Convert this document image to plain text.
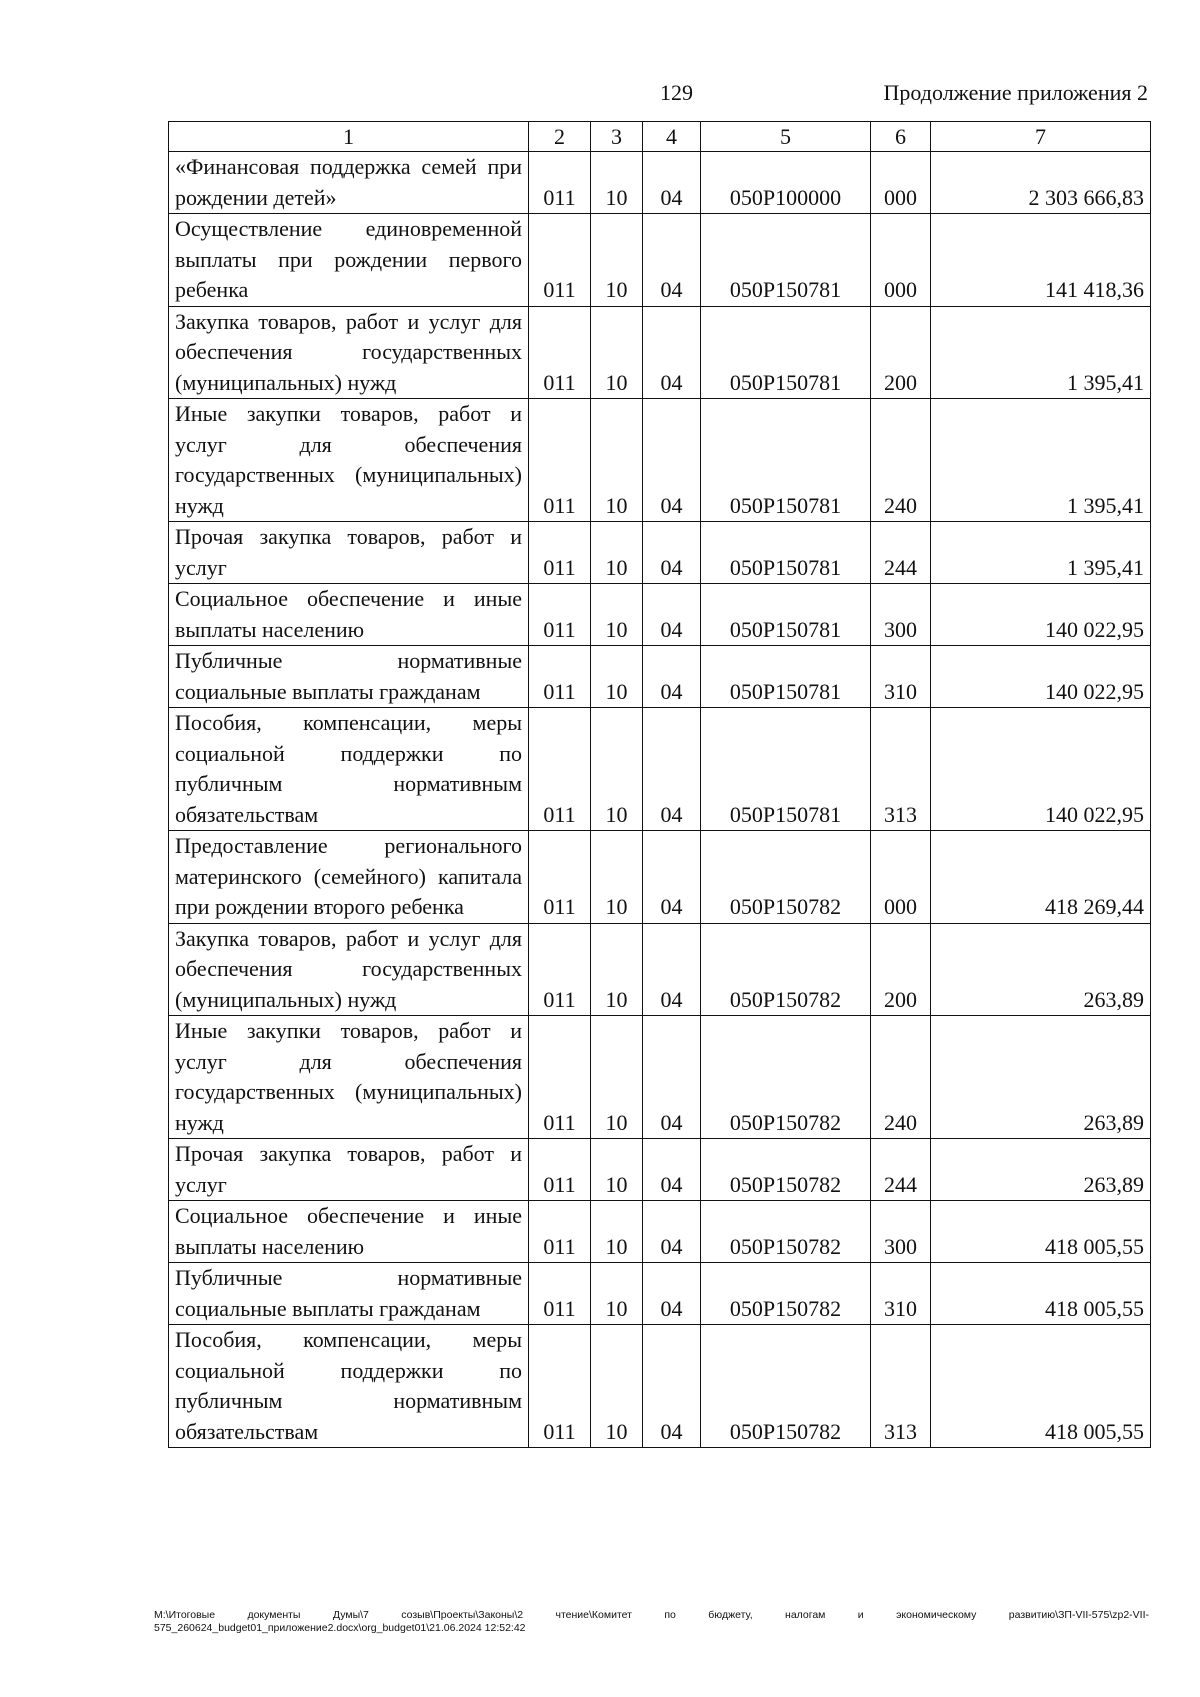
129	Продолжение приложения 2
1	2	3	4	5	6	7
«Финансовая поддержка семей при рождении детей»	011	10	04	050P100000	000	2 303 666,83
Осуществление единовременной выплаты при рождении первого ребенка	011	10	04	050P150781	000	141 418,36
Закупка товаров, работ и услуг для обеспечения государственных (муниципальных) нужд	011	10	04	050P150781	200	1 395,41
Иные закупки товаров, работ и услуг для обеспечения государственных (муниципальных) нужд	011	10	04	050P150781	240	1 395,41
Прочая закупка товаров, работ и услуг	011	10	04	050P150781	244	1 395,41
Социальное обеспечение и иные выплаты населению	011	10	04	050P150781	300	140 022,95
Публичные нормативные социальные выплаты гражданам	011	10	04	050P150781	310	140 022,95
Пособия, компенсации, меры социальной поддержки по публичным нормативным обязательствам	011	10	04	050P150781	313	140 022,95
Предоставление регионального материнского (семейного) капитала при рождении второго ребенка	011	10	04	050P150782	000	418 269,44
Закупка товаров, работ и услуг для обеспечения государственных (муниципальных) нужд	011	10	04	050P150782	200	263,89
Иные закупки товаров, работ и услуг для обеспечения государственных (муниципальных) нужд	011	10	04	050P150782	240	263,89
Прочая закупка товаров, работ и услуг	011	10	04	050P150782	244	263,89
Социальное обеспечение и иные выплаты населению	011	10	04	050P150782	300	418 005,55
Публичные нормативные социальные выплаты гражданам	011	10	04	050P150782	310	418 005,55
Пособия, компенсации, меры социальной поддержки по публичным нормативным обязательствам	011	10	04	050P150782	313	418 005,55
М:\Итоговые документы Думы\7 созыв\Проекты\Законы\2 чтение\Комитет по бюджету, налогам и экономическому развитию\ЗП-VII-575\zp2-VII-575_260624_budget01_приложение2.docx\org_budget01\21.06.2024 12:52:42
